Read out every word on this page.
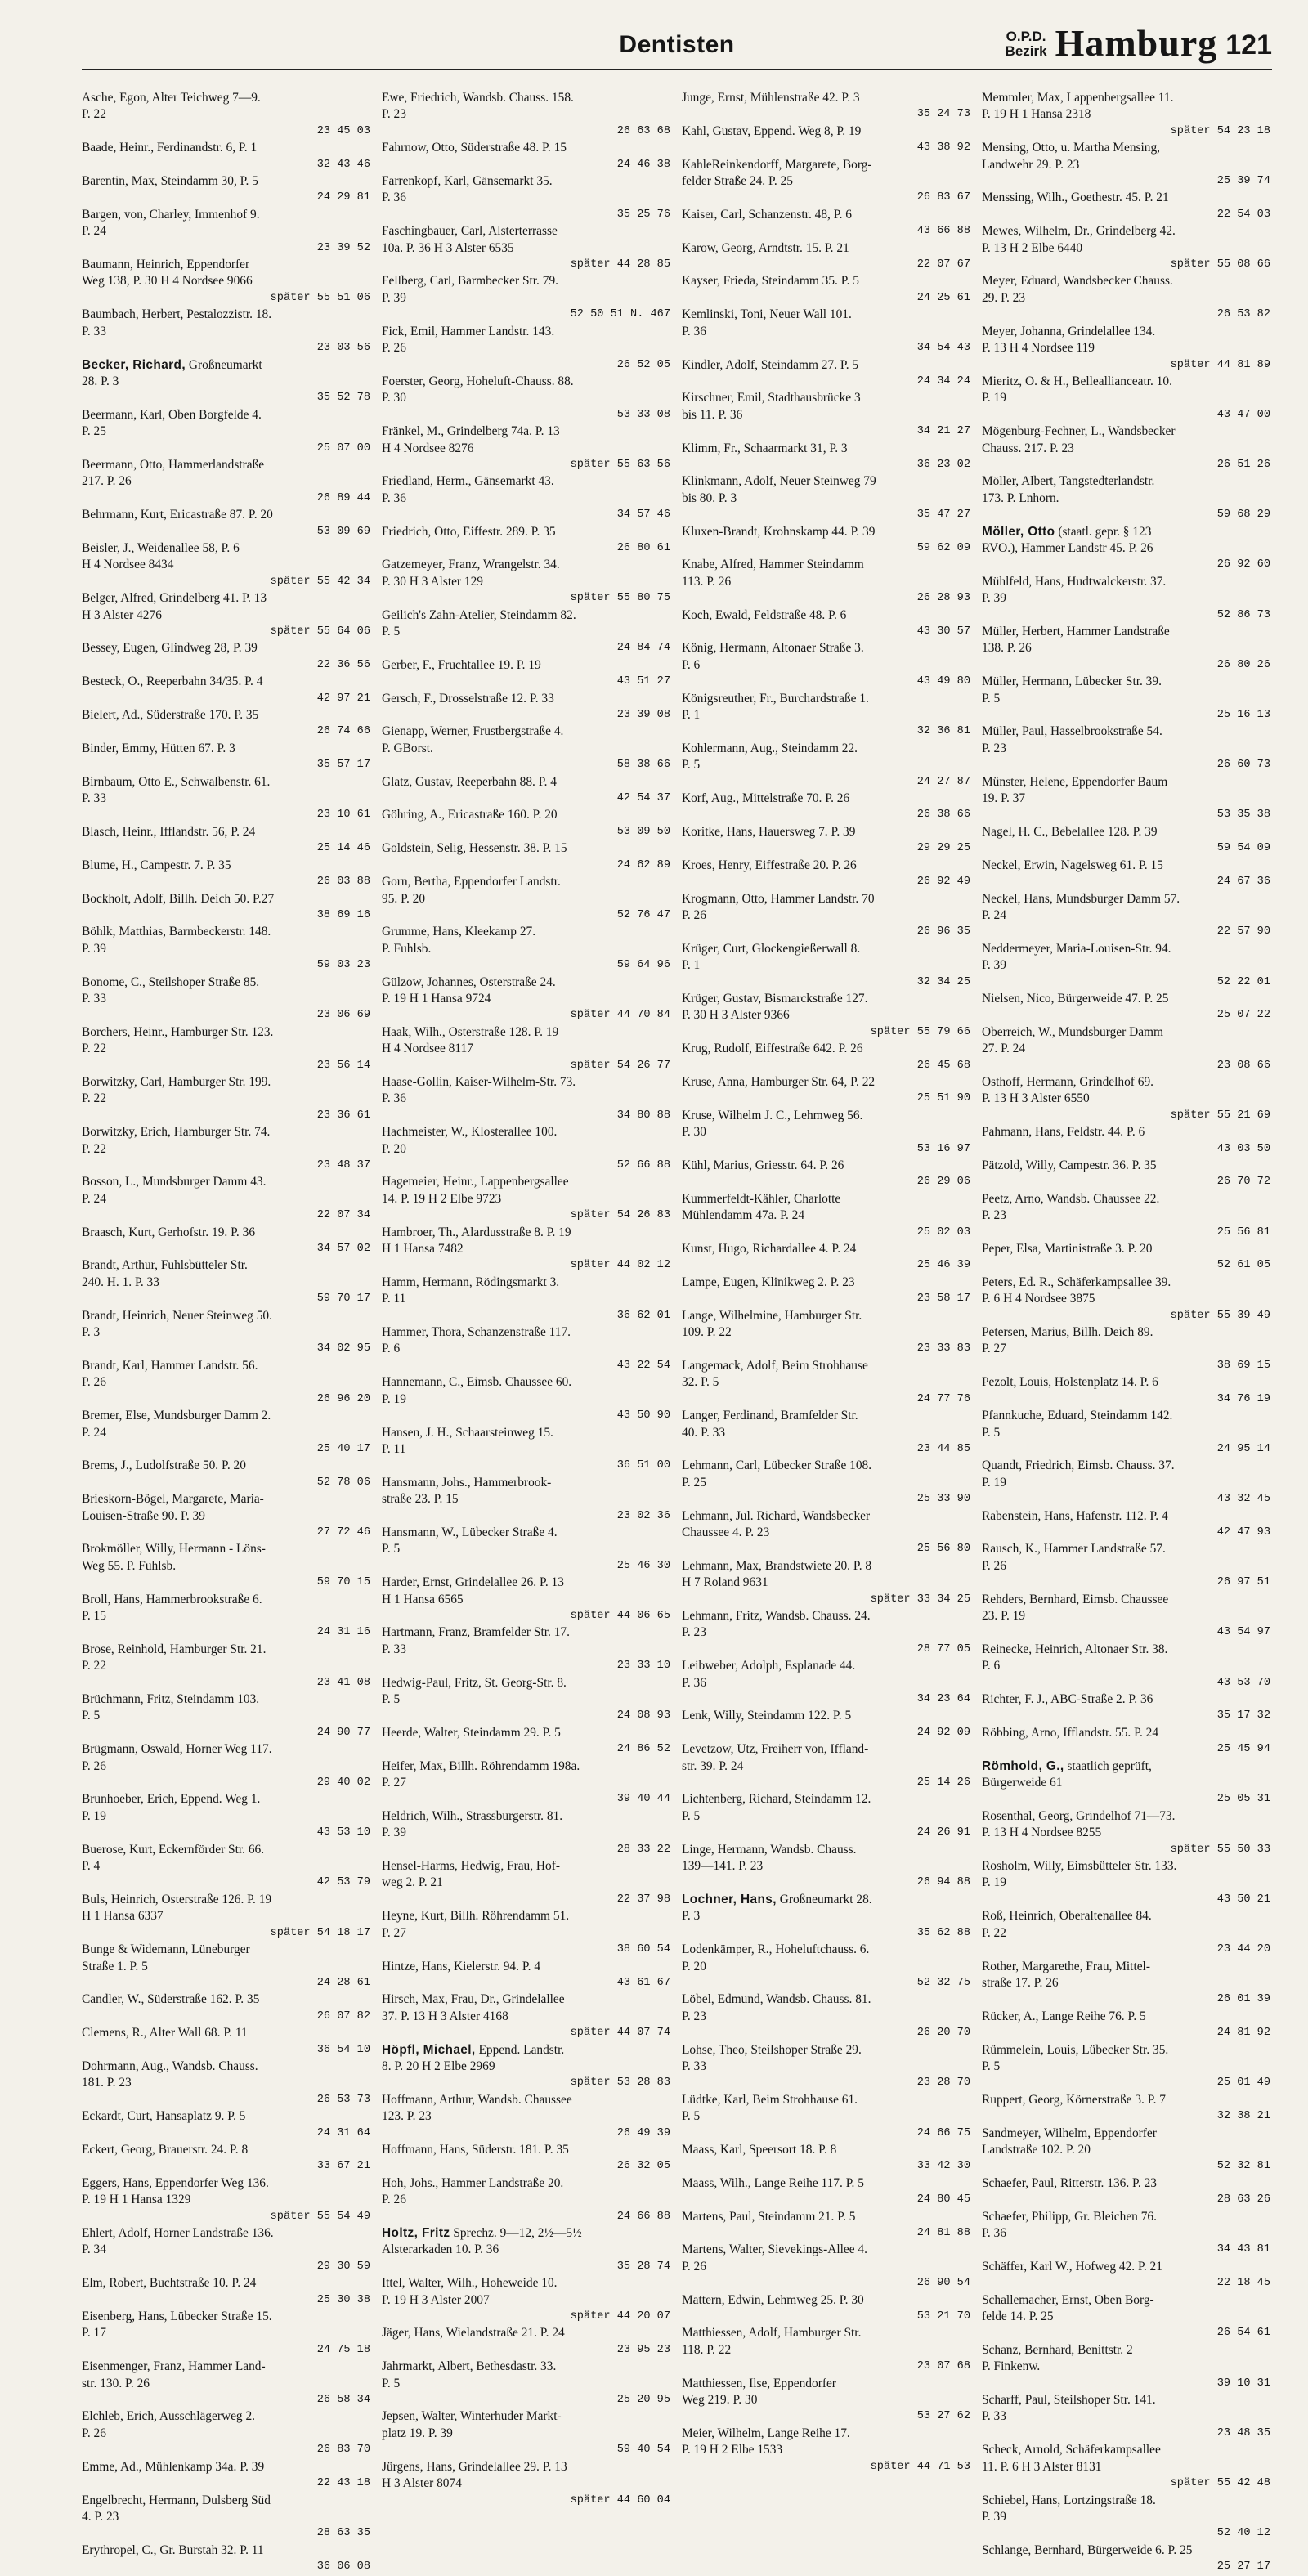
Dentisten	O.P.D.
Bezirk Hamburg 121
Asche, Egon, Alter Teichweg 7—9.
P. 22
23 45 03
Baade, Heinr., Ferdinandstr. 6, P. 1
32 43 46
Barentin, Max, Steindamm 30, P. 5
24 29 81
Bargen, von, Charley, Immenhof 9.
P. 24
23 39 52
Baumann, Heinrich, Eppendorfer
Weg 138, P. 30 H 4 Nordsee 9066
später 55 51 06
Baumbach, Herbert, Pestalozzistr. 18.
P. 33
23 03 56
Becker, Richard, Großneumarkt
28. P. 3
35 52 78
Beermann, Karl, Oben Borgfelde 4.
P. 25
25 07 00
Beermann, Otto, Hammerlandstraße
217. P. 26
26 89 44
Behrmann, Kurt, Ericastraße 87. P. 20
53 09 69
Beisler, J., Weidenallee 58, P. 6
H 4 Nordsee 8434
später 55 42 34
Belger, Alfred, Grindelberg 41. P. 13
H 3 Alster 4276
später 55 64 06
Bessey, Eugen, Glindweg 28, P. 39
22 36 56
Besteck, O., Reeperbahn 34/35. P. 4
42 97 21
Bielert, Ad., Süderstraße 170. P. 35
26 74 66
Binder, Emmy, Hütten 67. P. 3
35 57 17
Birnbaum, Otto E., Schwalbenstr. 61.
P. 33
23 10 61
Blasch, Heinr., Ifflandstr. 56, P. 24
25 14 46
Blume, H., Campestr. 7. P. 35
26 03 88
Bockholt, Adolf, Billh. Deich 50. P.27
38 69 16
Böhlk, Matthias, Barmbeckerstr. 148.
P. 39
59 03 23
Bonome, C., Steilshoper Straße 85.
P. 33
23 06 69
Borchers, Heinr., Hamburger Str. 123.
P. 22
23 56 14
Borwitzky, Carl, Hamburger Str. 199.
P. 22
23 36 61
Borwitzky, Erich, Hamburger Str. 74.
P. 22
23 48 37
Bosson, L., Mundsburger Damm 43.
P. 24
22 07 34
Braasch, Kurt, Gerhofstr. 19. P. 36
34 57 02
Brandt, Arthur, Fuhlsbütteler Str.
240. H. 1. P. 33
59 70 17
Brandt, Heinrich, Neuer Steinweg 50.
P. 3
34 02 95
Brandt, Karl, Hammer Landstr. 56.
P. 26
26 96 20
Bremer, Else, Mundsburger Damm 2.
P. 24
25 40 17
Brems, J., Ludolfstraße 50. P. 20
52 78 06
Brieskorn-Bögel, Margarete, Maria-
Louisen-Straße 90. P. 39
27 72 46
Brokmöller, Willy, Hermann - Löns-
Weg 55. P. Fuhlsb.
59 70 15
Broll, Hans, Hammerbrookstraße 6.
P. 15
24 31 16
Brose, Reinhold, Hamburger Str. 21.
P. 22
23 41 08
Brüchmann, Fritz, Steindamm 103.
P. 5
24 90 77
Brügmann, Oswald, Horner Weg 117.
P. 26
29 40 02
Brunhoeber, Erich, Eppend. Weg 1.
P. 19
43 53 10
Buerose, Kurt, Eckernförder Str. 66.
P. 4
42 53 79
Buls, Heinrich, Osterstraße 126. P. 19
H 1 Hansa 6337
später 54 18 17
Bunge & Widemann, Lüneburger
Straße 1. P. 5
24 28 61
Candler, W., Süderstraße 162. P. 35
26 07 82
Clemens, R., Alter Wall 68. P. 11
36 54 10
Dohrmann, Aug., Wandsb. Chauss.
181. P. 23
26 53 73
Eckardt, Curt, Hansaplatz 9. P. 5
24 31 64
Eckert, Georg, Brauerstr. 24. P. 8
33 67 21
Eggers, Hans, Eppendorfer Weg 136.
P. 19 H 1 Hansa 1329
später 55 54 49
Ehlert, Adolf, Horner Landstraße 136.
P. 34
29 30 59
Elm, Robert, Buchtstraße 10. P. 24
25 30 38
Eisenberg, Hans, Lübecker Straße 15.
P. 17
24 75 18
Eisenmenger, Franz, Hammer Land-
str. 130. P. 26
26 58 34
Elchleb, Erich, Ausschlägerweg 2.
P. 26
26 83 70
Emme, Ad., Mühlenkamp 34a. P. 39
22 43 18
Engelbrecht, Hermann, Dulsberg Süd
4. P. 23
28 63 35
Erythropel, C., Gr. Burstah 32. P. 11
36 06 08
Ewe, Friedrich, Wandsb. Chauss. 158.
P. 23
26 63 68
Fahrnow, Otto, Süderstraße 48. P. 15
24 46 38
Farrenkopf, Karl, Gänsemarkt 35.
P. 36
35 25 76
Faschingbauer, Carl, Alsterterrasse
10a. P. 36 H 3 Alster 6535
später 44 28 85
Fellberg, Carl, Barmbecker Str. 79.
P. 39
52 50 51 N. 467
Fick, Emil, Hammer Landstr. 143.
P. 26
26 52 05
Foerster, Georg, Hoheluft-Chauss. 88.
P. 30
53 33 08
Fränkel, M., Grindelberg 74a. P. 13
H 4 Nordsee 8276
später 55 63 56
Friedland, Herm., Gänsemarkt 43.
P. 36
34 57 46
Friedrich, Otto, Eiffestr. 289. P. 35
26 80 61
Gatzemeyer, Franz, Wrangelstr. 34.
P. 30 H 3 Alster 129
später 55 80 75
Geilich's Zahn-Atelier, Steindamm 82.
P. 5
24 84 74
Gerber, F., Fruchtallee 19. P. 19
43 51 27
Gersch, F., Drosselstraße 12. P. 33
23 39 08
Gienapp, Werner, Frustbergstraße 4.
P. GBorst.
58 38 66
Glatz, Gustav, Reeperbahn 88. P. 4
42 54 37
Göhring, A., Ericastraße 160. P. 20
53 09 50
Goldstein, Selig, Hessenstr. 38. P. 15
24 62 89
Gorn, Bertha, Eppendorfer Landstr.
95. P. 20
52 76 47
Grumme, Hans, Kleekamp 27.
P. Fuhlsb.
59 64 96
Gülzow, Johannes, Osterstraße 24.
P. 19 H 1 Hansa 9724
später 44 70 84
Haak, Wilh., Osterstraße 128. P. 19
H 4 Nordsee 8117
später 54 26 77
Haase-Gollin, Kaiser-Wilhelm-Str. 73.
P. 36
34 80 88
Hachmeister, W., Klosterallee 100.
P. 20
52 66 88
Hagemeier, Heinr., Lappenbergsallee
14. P. 19 H 2 Elbe 9723
später 54 26 83
Hambroer, Th., Alardusstraße 8. P. 19
H 1 Hansa 7482
später 44 02 12
Hamm, Hermann, Rödingsmarkt 3.
P. 11
36 62 01
Hammer, Thora, Schanzenstraße 117.
P. 6
43 22 54
Hannemann, C., Eimsb. Chaussee 60.
P. 19
43 50 90
Hansen, J. H., Schaarsteinweg 15.
P. 11
36 51 00
Hansmann, Johs., Hammerbrook-
straße 23. P. 15
23 02 36
Hansmann, W., Lübecker Straße 4.
P. 5
25 46 30
Harder, Ernst, Grindelallee 26. P. 13
H 1 Hansa 6565
später 44 06 65
Hartmann, Franz, Bramfelder Str. 17.
P. 33
23 33 10
Hedwig-Paul, Fritz, St. Georg-Str. 8.
P. 5
24 08 93
Heerde, Walter, Steindamm 29. P. 5
24 86 52
Heifer, Max, Billh. Röhrendamm 198a.
P. 27
39 40 44
Heldrich, Wilh., Strassburgerstr. 81.
P. 39
28 33 22
Hensel-Harms, Hedwig, Frau, Hof-
weg 2. P. 21
22 37 98
Heyne, Kurt, Billh. Röhrendamm 51.
P. 27
38 60 54
Hintze, Hans, Kielerstr. 94. P. 4
43 61 67
Hirsch, Max, Frau, Dr., Grindelallee
37. P. 13 H 3 Alster 4168
später 44 07 74
Höpfl, Michael, Eppend. Landstr.
8. P. 20 H 2 Elbe 2969
später 53 28 83
Hoffmann, Arthur, Wandsb. Chaussee
123. P. 23
26 49 39
Hoffmann, Hans, Süderstr. 181. P. 35
26 32 05
Hoh, Johs., Hammer Landstraße 20.
P. 26
24 66 88
Holtz, Fritz Sprechz. 9—12, 2½—5½
Alsterarkaden 10. P. 36
35 28 74
Ittel, Walter, Wilh., Hoheweide 10.
P. 19 H 3 Alster 2007
später 44 20 07
Jäger, Hans, Wielandstraße 21. P. 24
23 95 23
Jahrmarkt, Albert, Bethesdastr. 33.
P. 5
25 20 95
Jepsen, Walter, Winterhuder Markt-
platz 19. P. 39
59 40 54
Jürgens, Hans, Grindelallee 29. P. 13
H 3 Alster 8074
später 44 60 04
Junge, Ernst, Mühlenstraße 42. P. 3
35 24 73
Kahl, Gustav, Eppend. Weg 8, P. 19
43 38 92
KahleReinkendorff, Margarete, Borg-
felder Straße 24. P. 25
26 83 67
Kaiser, Carl, Schanzenstr. 48, P. 6
43 66 88
Karow, Georg, Arndtstr. 15. P. 21
22 07 67
Kayser, Frieda, Steindamm 35. P. 5
24 25 61
Kemlinski, Toni, Neuer Wall 101.
P. 36
34 54 43
Kindler, Adolf, Steindamm 27. P. 5
24 34 24
Kirschner, Emil, Stadthausbrücke 3
bis 11. P. 36
34 21 27
Klimm, Fr., Schaarmarkt 31, P. 3
36 23 02
Klinkmann, Adolf, Neuer Steinweg 79
bis 80. P. 3
35 47 27
Kluxen-Brandt, Krohnskamp 44. P. 39
59 62 09
Knabe, Alfred, Hammer Steindamm
113. P. 26
26 28 93
Koch, Ewald, Feldstraße 48. P. 6
43 30 57
König, Hermann, Altonaer Straße 3.
P. 6
43 49 80
Königsreuther, Fr., Burchardstraße 1.
P. 1
32 36 81
Kohlermann, Aug., Steindamm 22.
P. 5
24 27 87
Korf, Aug., Mittelstraße 70. P. 26
26 38 66
Koritke, Hans, Hauersweg 7. P. 39
29 29 25
Kroes, Henry, Eiffestraße 20. P. 26
26 92 49
Krogmann, Otto, Hammer Landstr. 70
P. 26
26 96 35
Krüger, Curt, Glockengießerwall 8.
P. 1
32 34 25
Krüger, Gustav, Bismarckstraße 127.
P. 30 H 3 Alster 9366
später 55 79 66
Krug, Rudolf, Eiffestraße 642. P. 26
26 45 68
Kruse, Anna, Hamburger Str. 64, P. 22
25 51 90
Kruse, Wilhelm J. C., Lehmweg 56.
P. 30
53 16 97
Kühl, Marius, Griesstr. 64. P. 26
26 29 06
Kummerfeldt-Kähler, Charlotte
Mühlendamm 47a. P. 24
25 02 03
Kunst, Hugo, Richardallee 4. P. 24
25 46 39
Lampe, Eugen, Klinikweg 2. P. 23
23 58 17
Lange, Wilhelmine, Hamburger Str.
109. P. 22
23 33 83
Langemack, Adolf, Beim Strohhause
32. P. 5
24 77 76
Langer, Ferdinand, Bramfelder Str.
40. P. 33
23 44 85
Lehmann, Carl, Lübecker Straße 108.
P. 25
25 33 90
Lehmann, Jul. Richard, Wandsbecker
Chaussee 4. P. 23
25 56 80
Lehmann, Max, Brandstwiete 20. P. 8
H 7 Roland 9631
später 33 34 25
Lehmann, Fritz, Wandsb. Chauss. 24.
P. 23
28 77 05
Leibweber, Adolph, Esplanade 44.
P. 36
34 23 64
Lenk, Willy, Steindamm 122. P. 5
24 92 09
Levetzow, Utz, Freiherr von, Iffland-
str. 39. P. 24
25 14 26
Lichtenberg, Richard, Steindamm 12.
P. 5
24 26 91
Linge, Hermann, Wandsb. Chauss.
139—141. P. 23
26 94 88
Lochner, Hans, Großneumarkt 28.
P. 3
35 62 88
Lodenkämper, R., Hoheluftchauss. 6.
P. 20
52 32 75
Löbel, Edmund, Wandsb. Chauss. 81.
P. 23
26 20 70
Lohse, Theo, Steilshoper Straße 29.
P. 33
23 28 70
Lüdtke, Karl, Beim Strohhause 61.
P. 5
24 66 75
Maass, Karl, Speersort 18. P. 8
33 42 30
Maass, Wilh., Lange Reihe 117. P. 5
24 80 45
Martens, Paul, Steindamm 21. P. 5
24 81 88
Martens, Walter, Sievekings-Allee 4.
P. 26
26 90 54
Mattern, Edwin, Lehmweg 25. P. 30
53 21 70
Matthiessen, Adolf, Hamburger Str.
118. P. 22
23 07 68
Matthiessen, Ilse, Eppendorfer
Weg 219. P. 30
53 27 62
Meier, Wilhelm, Lange Reihe 17.
P. 19 H 2 Elbe 1533
später 44 71 53
Memmler, Max, Lappenbergsallee 11.
P. 19 H 1 Hansa 2318
später 54 23 18
Mensing, Otto, u. Martha Mensing,
Landwehr 29. P. 23
25 39 74
Menssing, Wilh., Goethestr. 45. P. 21
22 54 03
Mewes, Wilhelm, Dr., Grindelberg 42.
P. 13 H 2 Elbe 6440
später 55 08 66
Meyer, Eduard, Wandsbecker Chauss.
29. P. 23
26 53 82
Meyer, Johanna, Grindelallee 134.
P. 13 H 4 Nordsee 119
später 44 81 89
Mieritz, O. & H., Belleallianceatr. 10.
P. 19
43 47 00
Mögenburg-Fechner, L., Wandsbecker
Chauss. 217. P. 23
26 51 26
Möller, Albert, Tangstedterlandstr.
173. P. Lnhorn.
59 68 29
Möller, Otto (staatl. gepr. § 123
RVO.), Hammer Landstr 45. P. 26
26 92 60
Mühlfeld, Hans, Hudtwalckerstr. 37.
P. 39
52 86 73
Müller, Herbert, Hammer Landstraße
138. P. 26
26 80 26
Müller, Hermann, Lübecker Str. 39.
P. 5
25 16 13
Müller, Paul, Hasselbrookstraße 54.
P. 23
26 60 73
Münster, Helene, Eppendorfer Baum
19. P. 37
53 35 38
Nagel, H. C., Bebelallee 128. P. 39
59 54 09
Neckel, Erwin, Nagelsweg 61. P. 15
24 67 36
Neckel, Hans, Mundsburger Damm 57.
P. 24
22 57 90
Neddermeyer, Maria-Louisen-Str. 94.
P. 39
52 22 01
Nielsen, Nico, Bürgerweide 47. P. 25
25 07 22
Oberreich, W., Mundsburger Damm
27. P. 24
23 08 66
Osthoff, Hermann, Grindelhof 69.
P. 13 H 3 Alster 6550
später 55 21 69
Pahmann, Hans, Feldstr. 44. P. 6
43 03 50
Pätzold, Willy, Campestr. 36. P. 35
26 70 72
Peetz, Arno, Wandsb. Chaussee 22.
P. 23
25 56 81
Peper, Elsa, Martinistraße 3. P. 20
52 61 05
Peters, Ed. R., Schäferkampsallee 39.
P. 6 H 4 Nordsee 3875
später 55 39 49
Petersen, Marius, Billh. Deich 89.
P. 27
38 69 15
Pezolt, Louis, Holstenplatz 14. P. 6
34 76 19
Pfannkuche, Eduard, Steindamm 142.
P. 5
24 95 14
Quandt, Friedrich, Eimsb. Chauss. 37.
P. 19
43 32 45
Rabenstein, Hans, Hafenstr. 112. P. 4
42 47 93
Rausch, K., Hammer Landstraße 57.
P. 26
26 97 51
Rehders, Bernhard, Eimsb. Chaussee
23. P. 19
43 54 97
Reinecke, Heinrich, Altonaer Str. 38.
P. 6
43 53 70
Richter, F. J., ABC-Straße 2. P. 36
35 17 32
Röbbing, Arno, Ifflandstr. 55. P. 24
25 45 94
Römhold, G., staatlich geprüft,
Bürgerweide 61
25 05 31
Rosenthal, Georg, Grindelhof 71—73.
P. 13 H 4 Nordsee 8255
später 55 50 33
Rosholm, Willy, Eimsbütteler Str. 133.
P. 19
43 50 21
Roß, Heinrich, Oberaltenallee 84.
P. 22
23 44 20
Rother, Margarethe, Frau, Mittel-
straße 17. P. 26
26 01 39
Rücker, A., Lange Reihe 76. P. 5
24 81 92
Rümmelein, Louis, Lübecker Str. 35.
P. 5
25 01 49
Ruppert, Georg, Körnerstraße 3. P. 7
32 38 21
Sandmeyer, Wilhelm, Eppendorfer
Landstraße 102. P. 20
52 32 81
Schaefer, Paul, Ritterstr. 136. P. 23
28 63 26
Schaefer, Philipp, Gr. Bleichen 76.
P. 36
34 43 81
Schäffer, Karl W., Hofweg 42. P. 21
22 18 45
Schallemacher, Ernst, Oben Borg-
felde 14. P. 25
26 54 61
Schanz, Bernhard, Benittstr. 2
P. Finkenw.
39 10 31
Scharff, Paul, Steilshoper Str. 141.
P. 33
23 48 35
Scheck, Arnold, Schäferkampsallee
11. P. 6 H 3 Alster 8131
später 55 42 48
Schiebel, Hans, Lortzingstraße 18.
P. 39
52 40 12
Schlange, Bernhard, Bürgerweide 6. P. 25
25 27 17
